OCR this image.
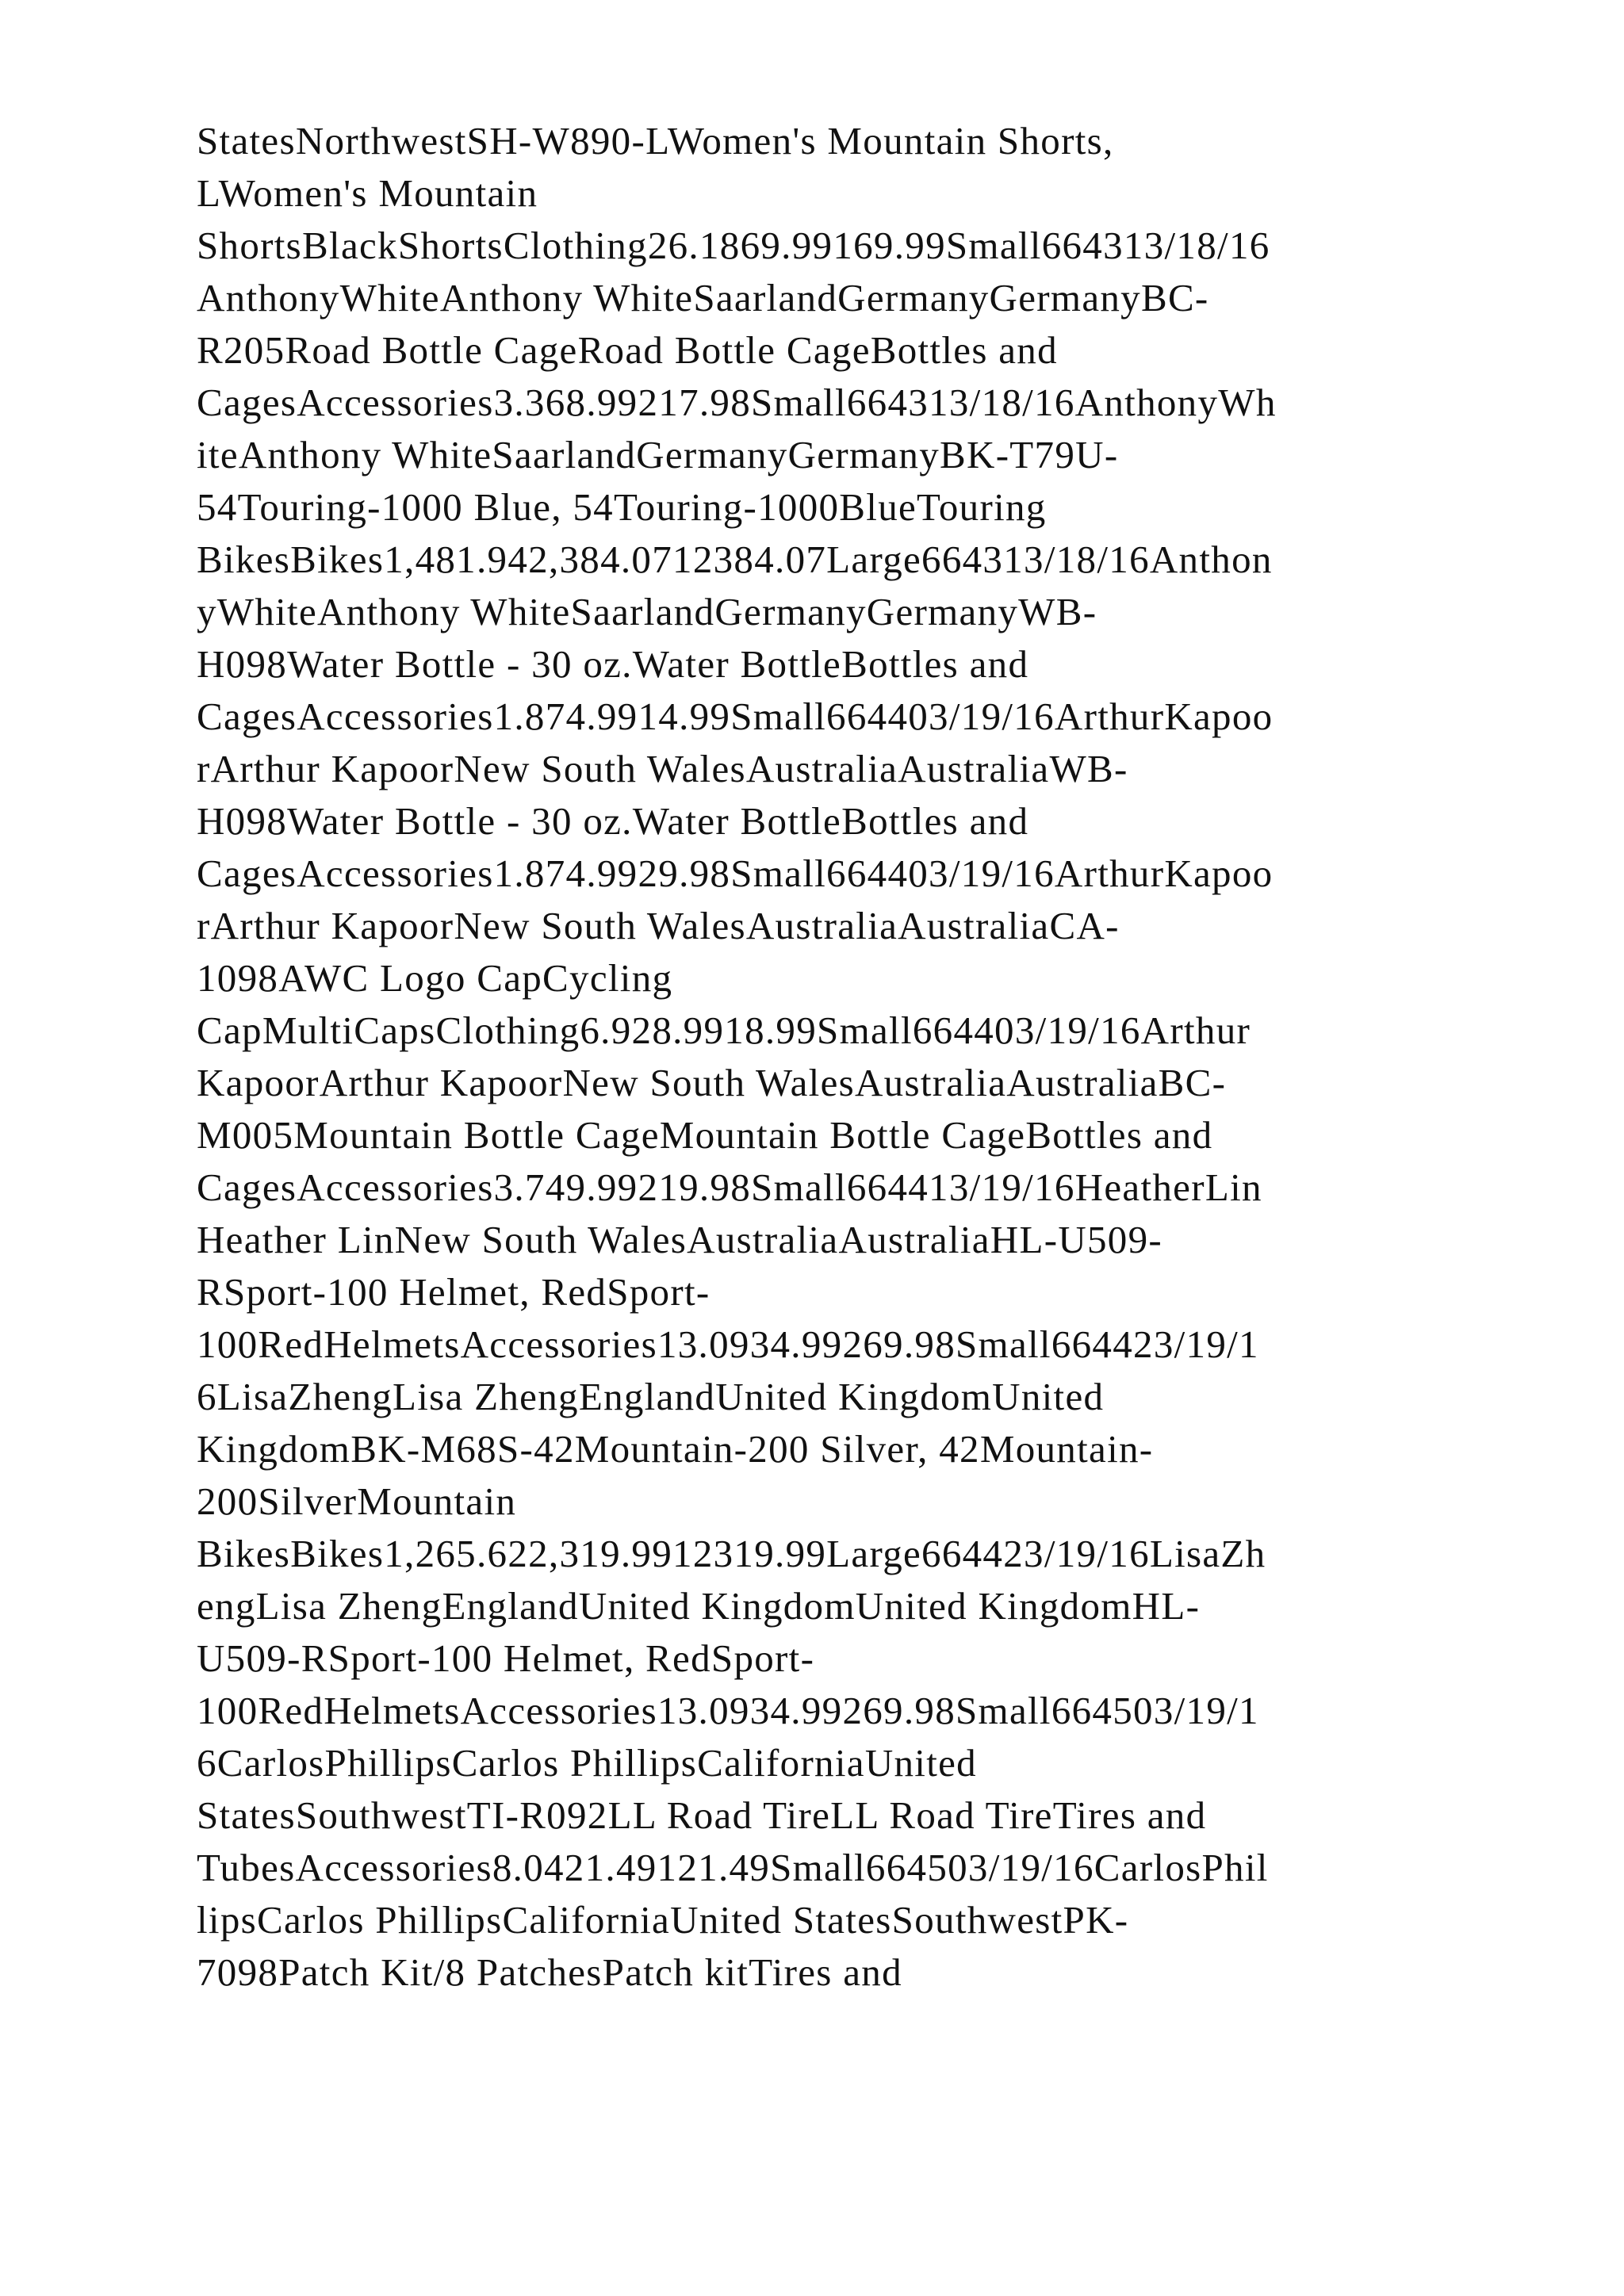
StatesNorthwestSH-W890-LWomen's Mountain Shorts,
LWomen's Mountain
ShortsBlackShortsClothing26.1869.99169.99Small664313/18/16
AnthonyWhiteAnthony WhiteSaarlandGermanyGermanyBC-
R205Road Bottle CageRoad Bottle CageBottles and
CagesAccessories3.368.99217.98Small664313/18/16AnthonyWh
iteAnthony WhiteSaarlandGermanyGermanyBK-T79U-
54Touring-1000 Blue, 54Touring-1000BlueTouring
BikesBikes1,481.942,384.0712384.07Large664313/18/16Anthon
yWhiteAnthony WhiteSaarlandGermanyGermanyWB-
H098Water Bottle - 30 oz.Water BottleBottles and
CagesAccessories1.874.9914.99Small664403/19/16ArthurKapoo
rArthur KapoorNew South WalesAustraliaAustraliaWB-
H098Water Bottle - 30 oz.Water BottleBottles and
CagesAccessories1.874.9929.98Small664403/19/16ArthurKapoo
rArthur KapoorNew South WalesAustraliaAustraliaCA-
1098AWC Logo CapCycling
CapMultiCapsClothing6.928.9918.99Small664403/19/16Arthur
KapoorArthur KapoorNew South WalesAustraliaAustraliaBC-
M005Mountain Bottle CageMountain Bottle CageBottles and
CagesAccessories3.749.99219.98Small664413/19/16HeatherLin
Heather LinNew South WalesAustraliaAustraliaHL-U509-
RSport-100 Helmet, RedSport-
100RedHelmetsAccessories13.0934.99269.98Small664423/19/1
6LisaZhengLisa ZhengEnglandUnited KingdomUnited
KingdomBK-M68S-42Mountain-200 Silver, 42Mountain-
200SilverMountain
BikesBikes1,265.622,319.9912319.99Large664423/19/16LisaZh
engLisa ZhengEnglandUnited KingdomUnited KingdomHL-
U509-RSport-100 Helmet, RedSport-
100RedHelmetsAccessories13.0934.99269.98Small664503/19/1
6CarlosPhillipsCarlos PhillipsCaliforniaUnited
StatesSouthwestTI-R092LL Road TireLL Road TireTires and
TubesAccessories8.0421.49121.49Small664503/19/16CarlosPhil
lipsCarlos PhillipsCaliforniaUnited StatesSouthwestPK-
7098Patch Kit/8 PatchesPatch kitTires and
